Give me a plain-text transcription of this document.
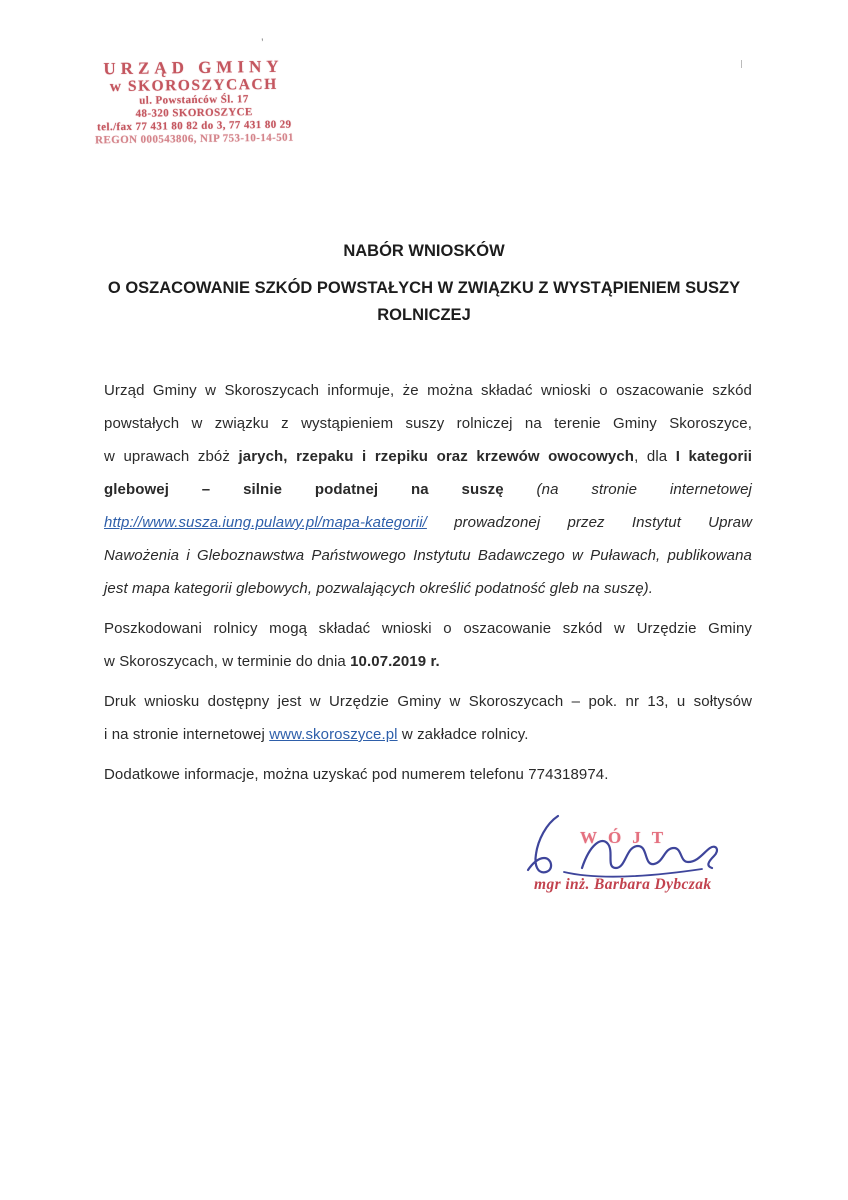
’
URZĄD GMINY
w SKOROSZYCACH
ul. Powstańców Śl. 17
48-320 SKOROSZYCE
tel./fax 77 431 80 82 do 3, 77 431 80 29
REGON 000543806, NIP 753-10-14-501
NABÓR WNIOSKÓW
O OSZACOWANIE SZKÓD POWSTAŁYCH W ZWIĄZKU Z WYSTĄPIENIEM SUSZY
ROLNICZEJ
Urząd Gminy w Skoroszycach informuje, że można składać wnioski o oszacowanie szkód
powstałych w związku z wystąpieniem suszy rolniczej na terenie Gminy Skoroszyce,
w uprawach zbóż jarych, rzepaku i rzepiku oraz krzewów owocowych, dla I kategorii
glebowej – silnie podatnej na suszę (na stronie internetowej
http://www.susza.iung.pulawy.pl/mapa-kategorii/ prowadzonej przez Instytut Upraw
Nawożenia i Gleboznawstwa Państwowego Instytutu Badawczego w Puławach, publikowana
jest mapa kategorii glebowych, pozwalających określić podatność gleb na suszę).
Poszkodowani rolnicy mogą składać wnioski o oszacowanie szkód w Urzędzie Gminy
w Skoroszycach, w terminie do dnia 10.07.2019 r.
Druk wniosku dostępny jest w Urzędzie Gminy w Skoroszycach – pok. nr 13, u sołtysów
i na stronie internetowej www.skoroszyce.pl w zakładce rolnicy.
Dodatkowe informacje, można uzyskać pod numerem telefonu 774318974.
WÓJT
mgr inż. Barbara Dybczak
